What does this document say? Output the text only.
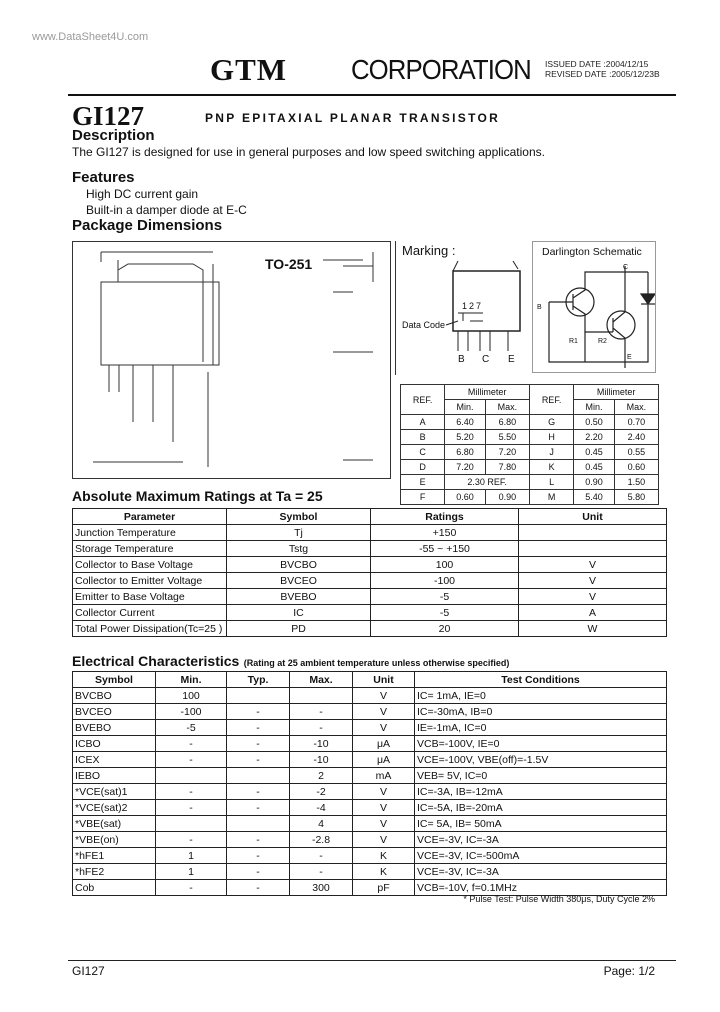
www.DataSheet4U.com
GTM CORPORATION ISSUED DATE :2004/12/15
REVISED DATE :2005/12/23B
GI127	PNP EPITAXIAL PLANAR TRANSISTOR
Description
The GI127 is designed for use in general purposes and low speed switching applications.
Features
High DC current gain
Built-in a damper diode at E-C
Package Dimensions
TO-251
Marking :
127
Data Code
B C E
Darlington Schematic
C
B
E
R1	R2
REF.	Millimeter		REF.	Millimeter	
	Min.	Max.		Min.	Max.
A	6.40	6.80	G	0.50	0.70
B	5.20	5.50	H	2.20	2.40
C	6.80	7.20	J	0.45	0.55
D	7.20	7.80	K	0.45	0.60
E	2.30 REF.		L	0.90	1.50
F	0.60	0.90	M	5.40	5.80
Absolute Maximum Ratings at Ta = 25
Parameter	Symbol	Ratings	Unit
Junction Temperature	Tj	+150	
Storage Temperature	Tstg	-55 ~ +150	
Collector to Base Voltage	BVCBO	100	V
Collector to Emitter Voltage	BVCEO	-100	V
Emitter to Base Voltage	BVEBO	-5	V
Collector Current	IC	-5	A
Total Power Dissipation(Tc=25 )	PD	20	W
Electrical Characteristics (Rating at 25 ambient temperature unless otherwise specified)
Symbol	Min.	Typ.	Max.	Unit	Test Conditions
BVCBO	100			V	IC= 1mA, IE=0
BVCEO	-100	-	-	V	IC=-30mA, IB=0
BVEBO	-5	-	-	V	IE=-1mA, IC=0
ICBO	-	-	-10	μA	VCB=-100V, IE=0
ICEX	-	-	-10	μA	VCE=-100V, VBE(off)=-1.5V
IEBO			2	mA	VEB= 5V, IC=0
*VCE(sat)1	-	-	-2	V	IC=-3A, IB=-12mA
*VCE(sat)2	-	-	-4	V	IC=-5A, IB=-20mA
*VBE(sat)			4	V	IC= 5A, IB= 50mA
*VBE(on)	-	-	-2.8	V	VCE=-3V, IC=-3A
*hFE1	1	-	-	K	VCE=-3V, IC=-500mA
*hFE2	1	-	-	K	VCE=-3V, IC=-3A
Cob	-	-	300	pF	VCB=-10V, f=0.1MHz
* Pulse Test: Pulse Width 380μs, Duty Cycle 2%
GI127	Page: 1/2
